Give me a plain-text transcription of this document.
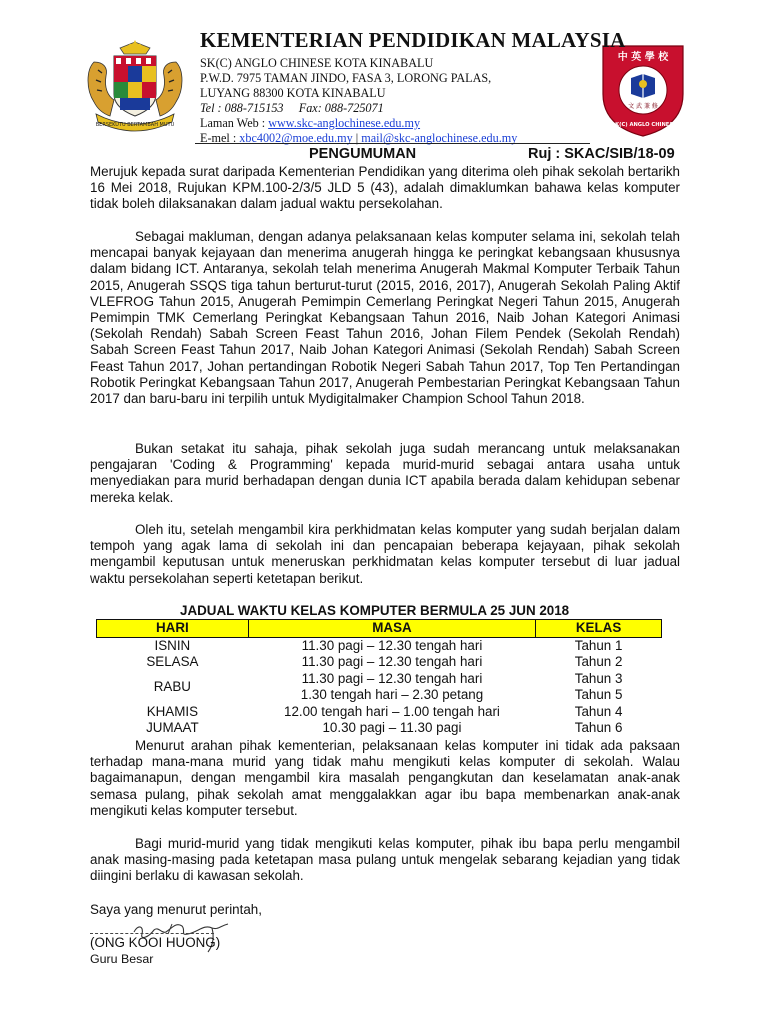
BERSEKUTU BERTAMBAH MUTU
中 英 學 校
文 武 兼 修
S.K(C) ANGLO CHINESE
KEMENTERIAN PENDIDIKAN MALAYSIA
SK(C) ANGLO CHINESE KOTA KINABALU
P.W.D. 7975 TAMAN JINDO, FASA 3, LORONG PALAS,
LUYANG 88300 KOTA KINABALU
Tel : 088-715153 Fax: 088-725071
Laman Web : www.skc-anglochinese.edu.my
E-mel : xbc4002@moe.edu.my | mail@skc-anglochinese.edu.my
PENGUMUMAN	Ruj : SKAC/SIB/18-09

Merujuk kepada surat daripada Kementerian Pendidikan yang diterima oleh pihak sekolah bertarikh 16 Mei 2018, Rujukan KPM.100-2/3/5 JLD 5 (43), adalah dimaklumkan bahawa kelas komputer tidak boleh dilaksanakan dalam jadual waktu persekolahan.

Sebagai makluman, dengan adanya pelaksanaan kelas komputer selama ini, sekolah telah mencapai banyak kejayaan dan menerima anugerah hingga ke peringkat kebangsaan khususnya dalam bidang ICT. Antaranya, sekolah telah menerima Anugerah Makmal Komputer Terbaik Tahun 2015, Anugerah SSQS tiga tahun berturut-turut (2015, 2016, 2017), Anugerah Sekolah Paling Aktif VLEFROG Tahun 2015, Anugerah Pemimpin Cemerlang Peringkat Negeri Tahun 2015, Anugerah Pemimpin TMK Cemerlang Peringkat Kebangsaan Tahun 2016, Naib Johan Kategori Animasi (Sekolah Rendah) Sabah Screen Feast Tahun 2016, Johan Filem Pendek (Sekolah Rendah) Sabah Screen Feast Tahun 2017, Naib Johan Kategori Animasi (Sekolah Rendah) Sabah Screen Feast Tahun 2017, Johan pertandingan Robotik Negeri Sabah Tahun 2017, Top Ten Pertandingan Robotik Peringkat Kebangsaan Tahun 2017, Anugerah Pembestarian Peringkat Kebangsaan Tahun 2017 dan baru-baru ini terpilih untuk Mydigitalmaker Champion School Tahun 2018.

Bukan setakat itu sahaja, pihak sekolah juga sudah merancang untuk melaksanakan pengajaran 'Coding & Programming' kepada murid-murid sebagai antara usaha untuk menyediakan para murid berhadapan dengan dunia ICT apabila berada dalam kehidupan sebenar mereka kelak.

Oleh itu, setelah mengambil kira perkhidmatan kelas komputer yang sudah berjalan dalam tempoh yang agak lama di sekolah ini dan pencapaian beberapa kejayaan, pihak sekolah mengambil keputusan untuk meneruskan perkhidmatan kelas komputer tersebut di luar jadual waktu persekolahan seperti ketetapan berikut.

JADUAL WAKTU KELAS KOMPUTER BERMULA 25 JUN 2018
HARI	MASA	KELAS
ISNIN	11.30 pagi – 12.30 tengah hari	Tahun 1
SELASA	11.30 pagi – 12.30 tengah hari	Tahun 2
RABU	11.30 pagi – 12.30 tengah hari	Tahun 3
	1.30 tengah hari – 2.30 petang	Tahun 5
KHAMIS	12.00 tengah hari – 1.00 tengah hari	Tahun 4
JUMAAT	10.30 pagi – 11.30 pagi	Tahun 6

Menurut arahan pihak kementerian, pelaksanaan kelas komputer ini tidak ada paksaan terhadap mana-mana murid yang tidak mahu mengikuti kelas komputer di sekolah. Walau bagaimanapun, dengan mengambil kira masalah pengangkutan dan keselamatan anak-anak semasa pulang, pihak sekolah amat menggalakkan agar ibu bapa membenarkan anak-anak mengikuti kelas komputer tersebut.

Bagi murid-murid yang tidak mengikuti kelas komputer, pihak ibu bapa perlu mengambil anak masing-masing pada ketetapan masa pulang untuk mengelak sebarang kejadian yang tidak diingini berlaku di kawasan sekolah.

Saya yang menurut perintah,
(ONG KOOI HUONG)
Guru Besar
